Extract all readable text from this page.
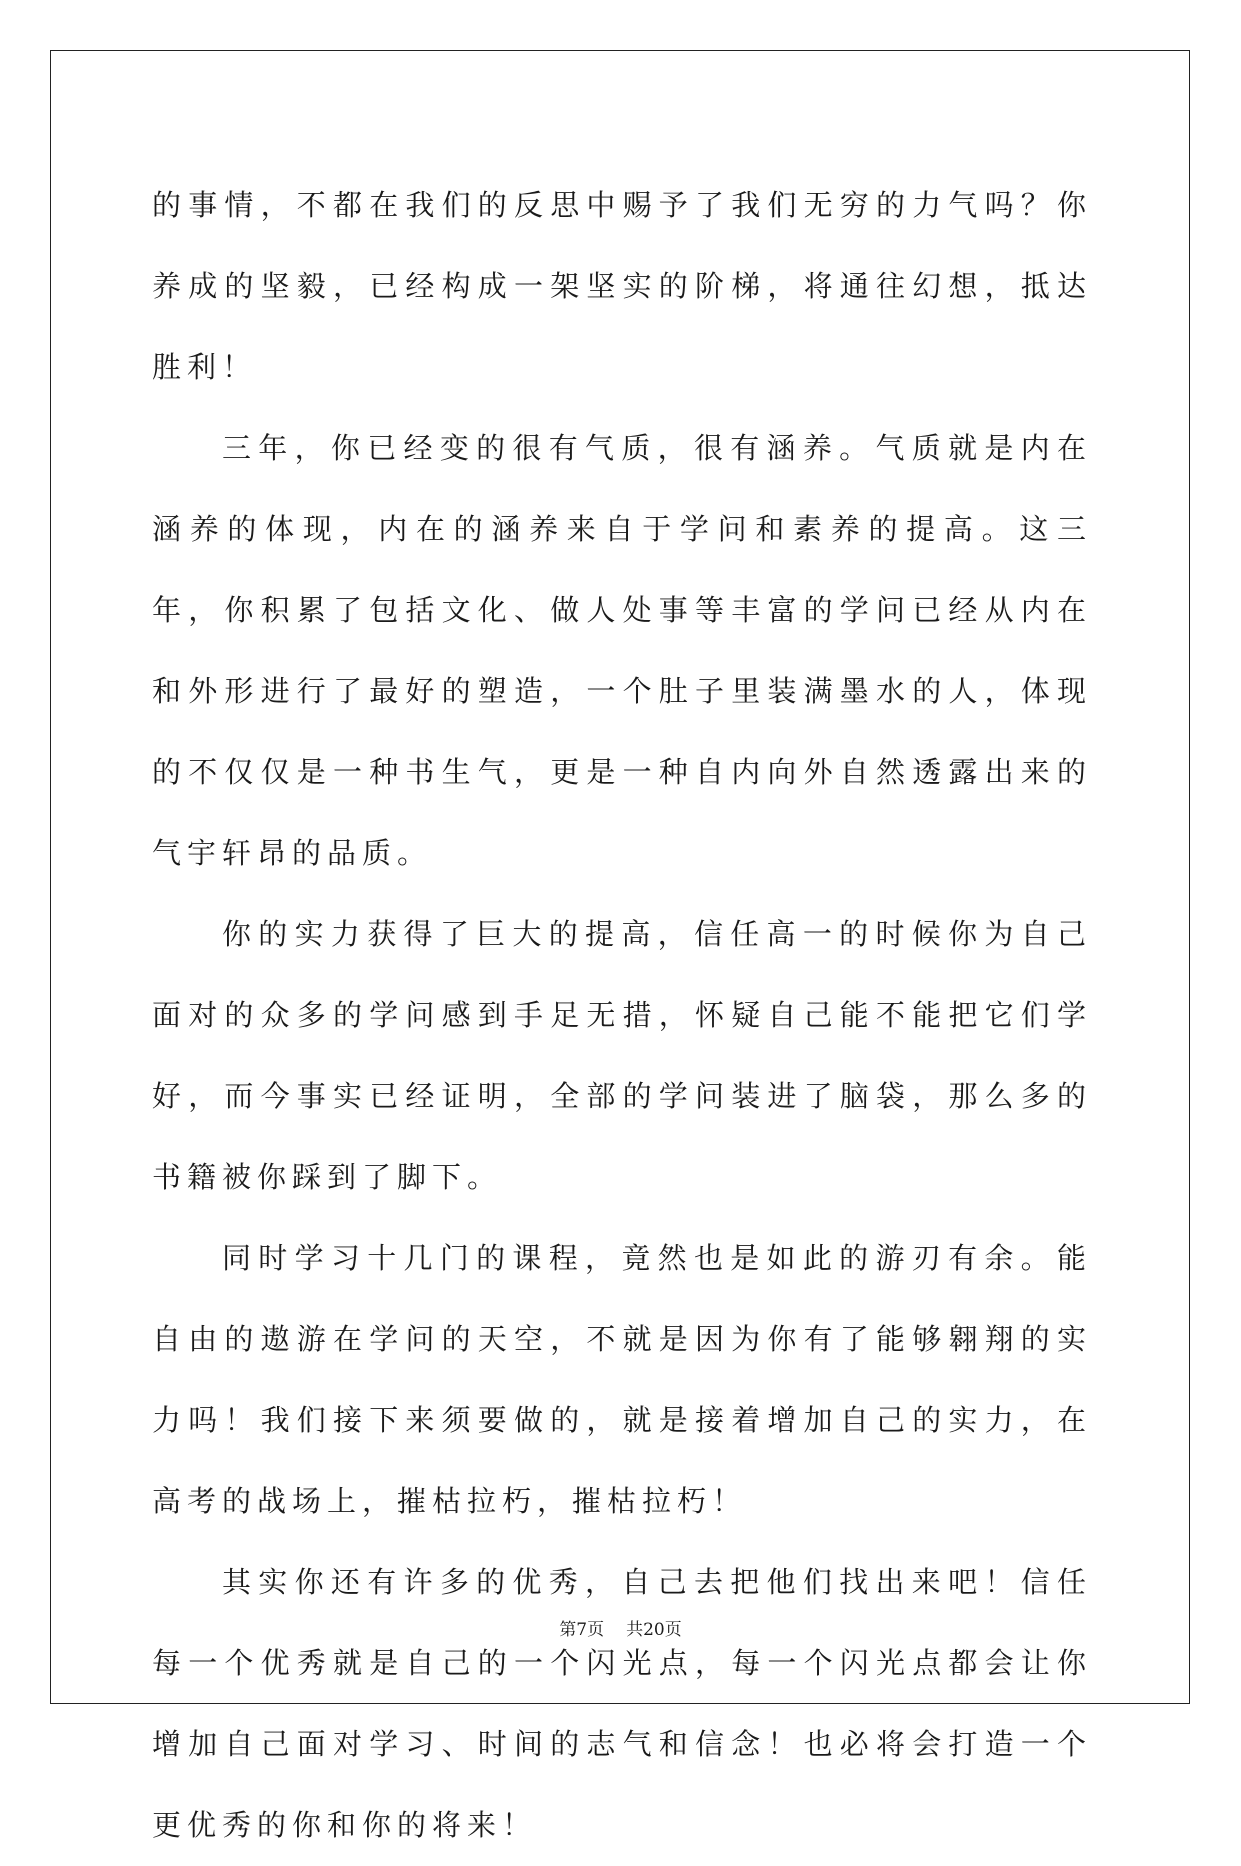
的事情，不都在我们的反思中赐予了我们无穷的力气吗？你养成的坚毅，已经构成一架坚实的阶梯，将通往幻想，抵达胜利！

三年，你已经变的很有气质，很有涵养。气质就是内在涵养的体现，内在的涵养来自于学问和素养的提高。这三年，你积累了包括文化、做人处事等丰富的学问已经从内在和外形进行了最好的塑造，一个肚子里装满墨水的人，体现的不仅仅是一种书生气，更是一种自内向外自然透露出来的气宇轩昂的品质。

你的实力获得了巨大的提高，信任高一的时候你为自己面对的众多的学问感到手足无措，怀疑自己能不能把它们学好，而今事实已经证明，全部的学问装进了脑袋，那么多的书籍被你踩到了脚下。

同时学习十几门的课程，竟然也是如此的游刃有余。能自由的遨游在学问的天空，不就是因为你有了能够翱翔的实力吗！我们接下来须要做的，就是接着增加自己的实力，在高考的战场上，摧枯拉朽，摧枯拉朽！

其实你还有许多的优秀，自己去把他们找出来吧！信任每一个优秀就是自己的一个闪光点，每一个闪光点都会让你增加自己面对学习、时间的志气和信念！也必将会打造一个更优秀的你和你的将来！

第7页 共20页
